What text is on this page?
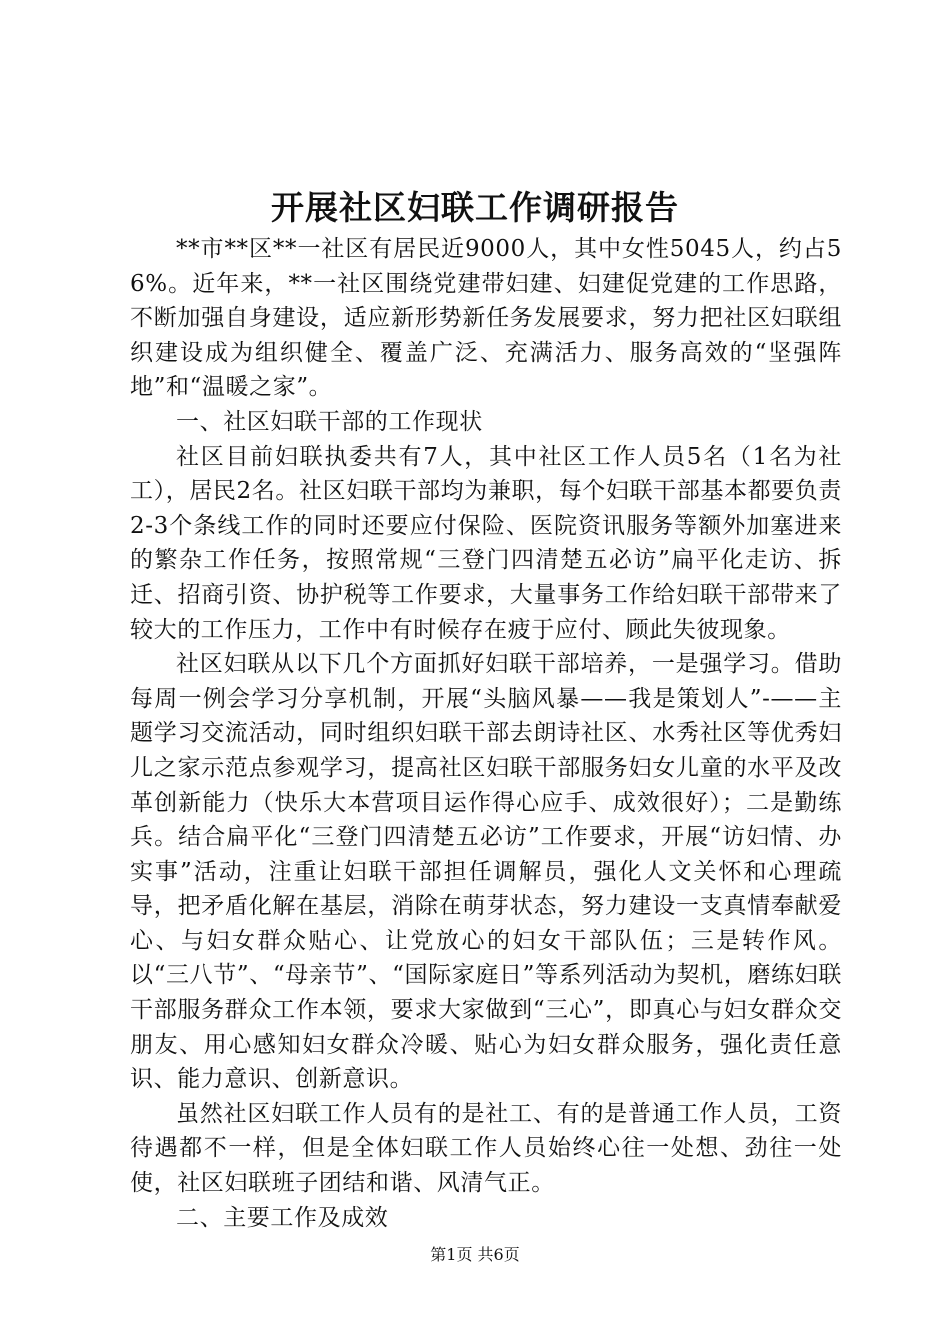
开展社区妇联工作调研报告

**市**区**一社区有居民近9000人，其中女性5045人，约占56%。近年来，**一社区围绕党建带妇建、妇建促党建的工作思路，不断加强自身建设，适应新形势新任务发展要求，努力把社区妇联组织建设成为组织健全、覆盖广泛、充满活力、服务高效的“坚强阵地”和“温暖之家”。

一、社区妇联干部的工作现状

社区目前妇联执委共有7人，其中社区工作人员5名（1名为社工），居民2名。社区妇联干部均为兼职，每个妇联干部基本都要负责2-3个条线工作的同时还要应付保险、医院资讯服务等额外加塞进来的繁杂工作任务，按照常规“三登门四清楚五必访”扁平化走访、拆迁、招商引资、协护税等工作要求，大量事务工作给妇联干部带来了较大的工作压力，工作中有时候存在疲于应付、顾此失彼现象。

社区妇联从以下几个方面抓好妇联干部培养，一是强学习。借助每周一例会学习分享机制，开展“头脑风暴——我是策划人”-——主题学习交流活动，同时组织妇联干部去朗诗社区、水秀社区等优秀妇儿之家示范点参观学习，提高社区妇联干部服务妇女儿童的水平及改革创新能力（快乐大本营项目运作得心应手、成效很好）；二是勤练兵。结合扁平化“三登门四清楚五必访”工作要求，开展“访妇情、办实事”活动，注重让妇联干部担任调解员，强化人文关怀和心理疏导，把矛盾化解在基层，消除在萌芽状态，努力建设一支真情奉献爱心、与妇女群众贴心、让党放心的妇女干部队伍；三是转作风。以“三八节”、“母亲节”、“国际家庭日”等系列活动为契机，磨练妇联干部服务群众工作本领，要求大家做到“三心”，即真心与妇女群众交朋友、用心感知妇女群众冷暖、贴心为妇女群众服务，强化责任意识、能力意识、创新意识。

虽然社区妇联工作人员有的是社工、有的是普通工作人员，工资待遇都不一样，但是全体妇联工作人员始终心往一处想、劲往一处使，社区妇联班子团结和谐、风清气正。

二、主要工作及成效

第1页 共6页
